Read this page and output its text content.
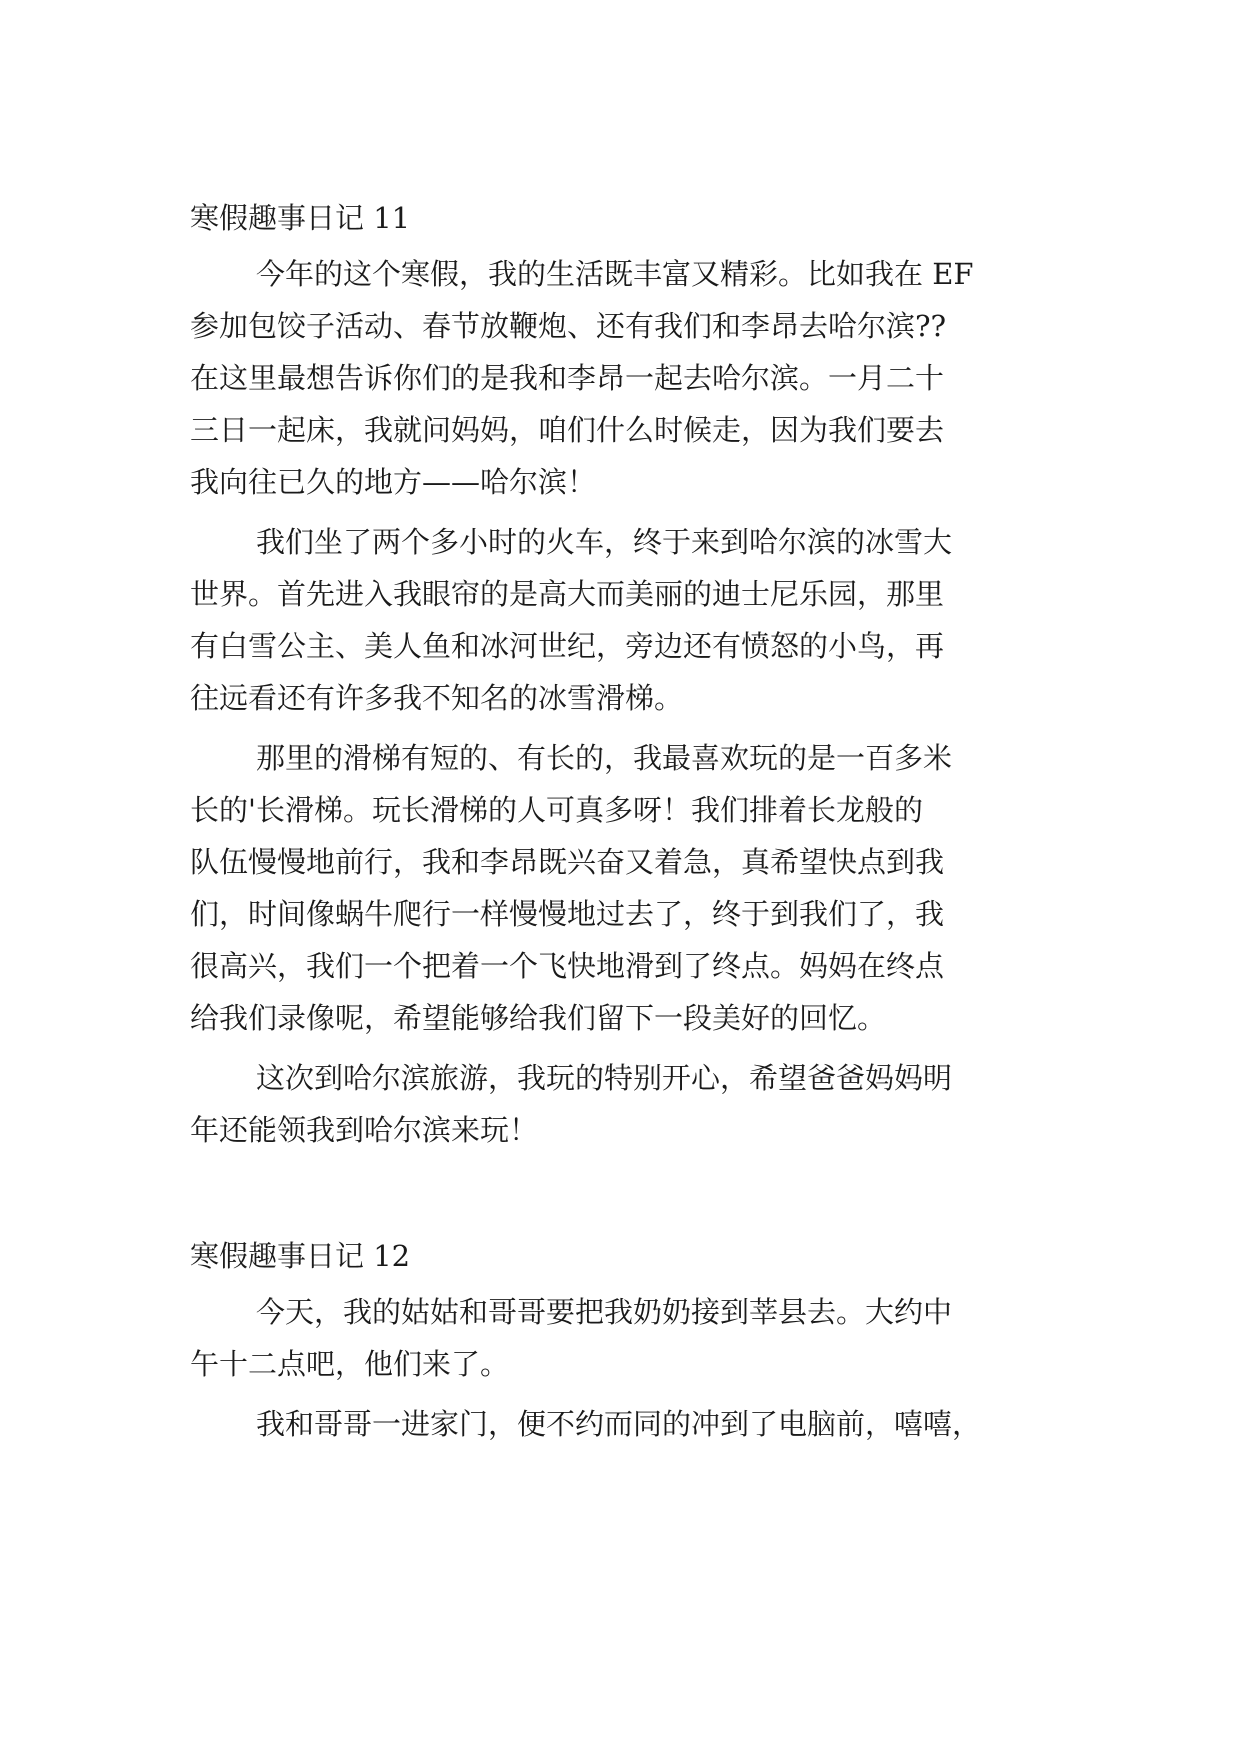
寒假趣事日记 11
今年的这个寒假，我的生活既丰富又精彩。比如我在 EF
参加包饺子活动、春节放鞭炮、还有我们和李昂去哈尔滨??
在这里最想告诉你们的是我和李昂一起去哈尔滨。一月二十
三日一起床，我就问妈妈，咱们什么时候走，因为我们要去
我向往已久的地方——哈尔滨！
我们坐了两个多小时的火车，终于来到哈尔滨的冰雪大
世界。首先进入我眼帘的是高大而美丽的迪士尼乐园，那里
有白雪公主、美人鱼和冰河世纪，旁边还有愤怒的小鸟，再
往远看还有许多我不知名的冰雪滑梯。
那里的滑梯有短的、有长的，我最喜欢玩的是一百多米
长的'长滑梯。玩长滑梯的人可真多呀！我们排着长龙般的
队伍慢慢地前行，我和李昂既兴奋又着急，真希望快点到我
们，时间像蜗牛爬行一样慢慢地过去了，终于到我们了，我
很高兴，我们一个把着一个飞快地滑到了终点。妈妈在终点
给我们录像呢，希望能够给我们留下一段美好的回忆。
这次到哈尔滨旅游，我玩的特别开心，希望爸爸妈妈明
年还能领我到哈尔滨来玩！
寒假趣事日记 12
今天，我的姑姑和哥哥要把我奶奶接到莘县去。大约中
午十二点吧，他们来了。
我和哥哥一进家门，便不约而同的冲到了电脑前，嘻嘻，
